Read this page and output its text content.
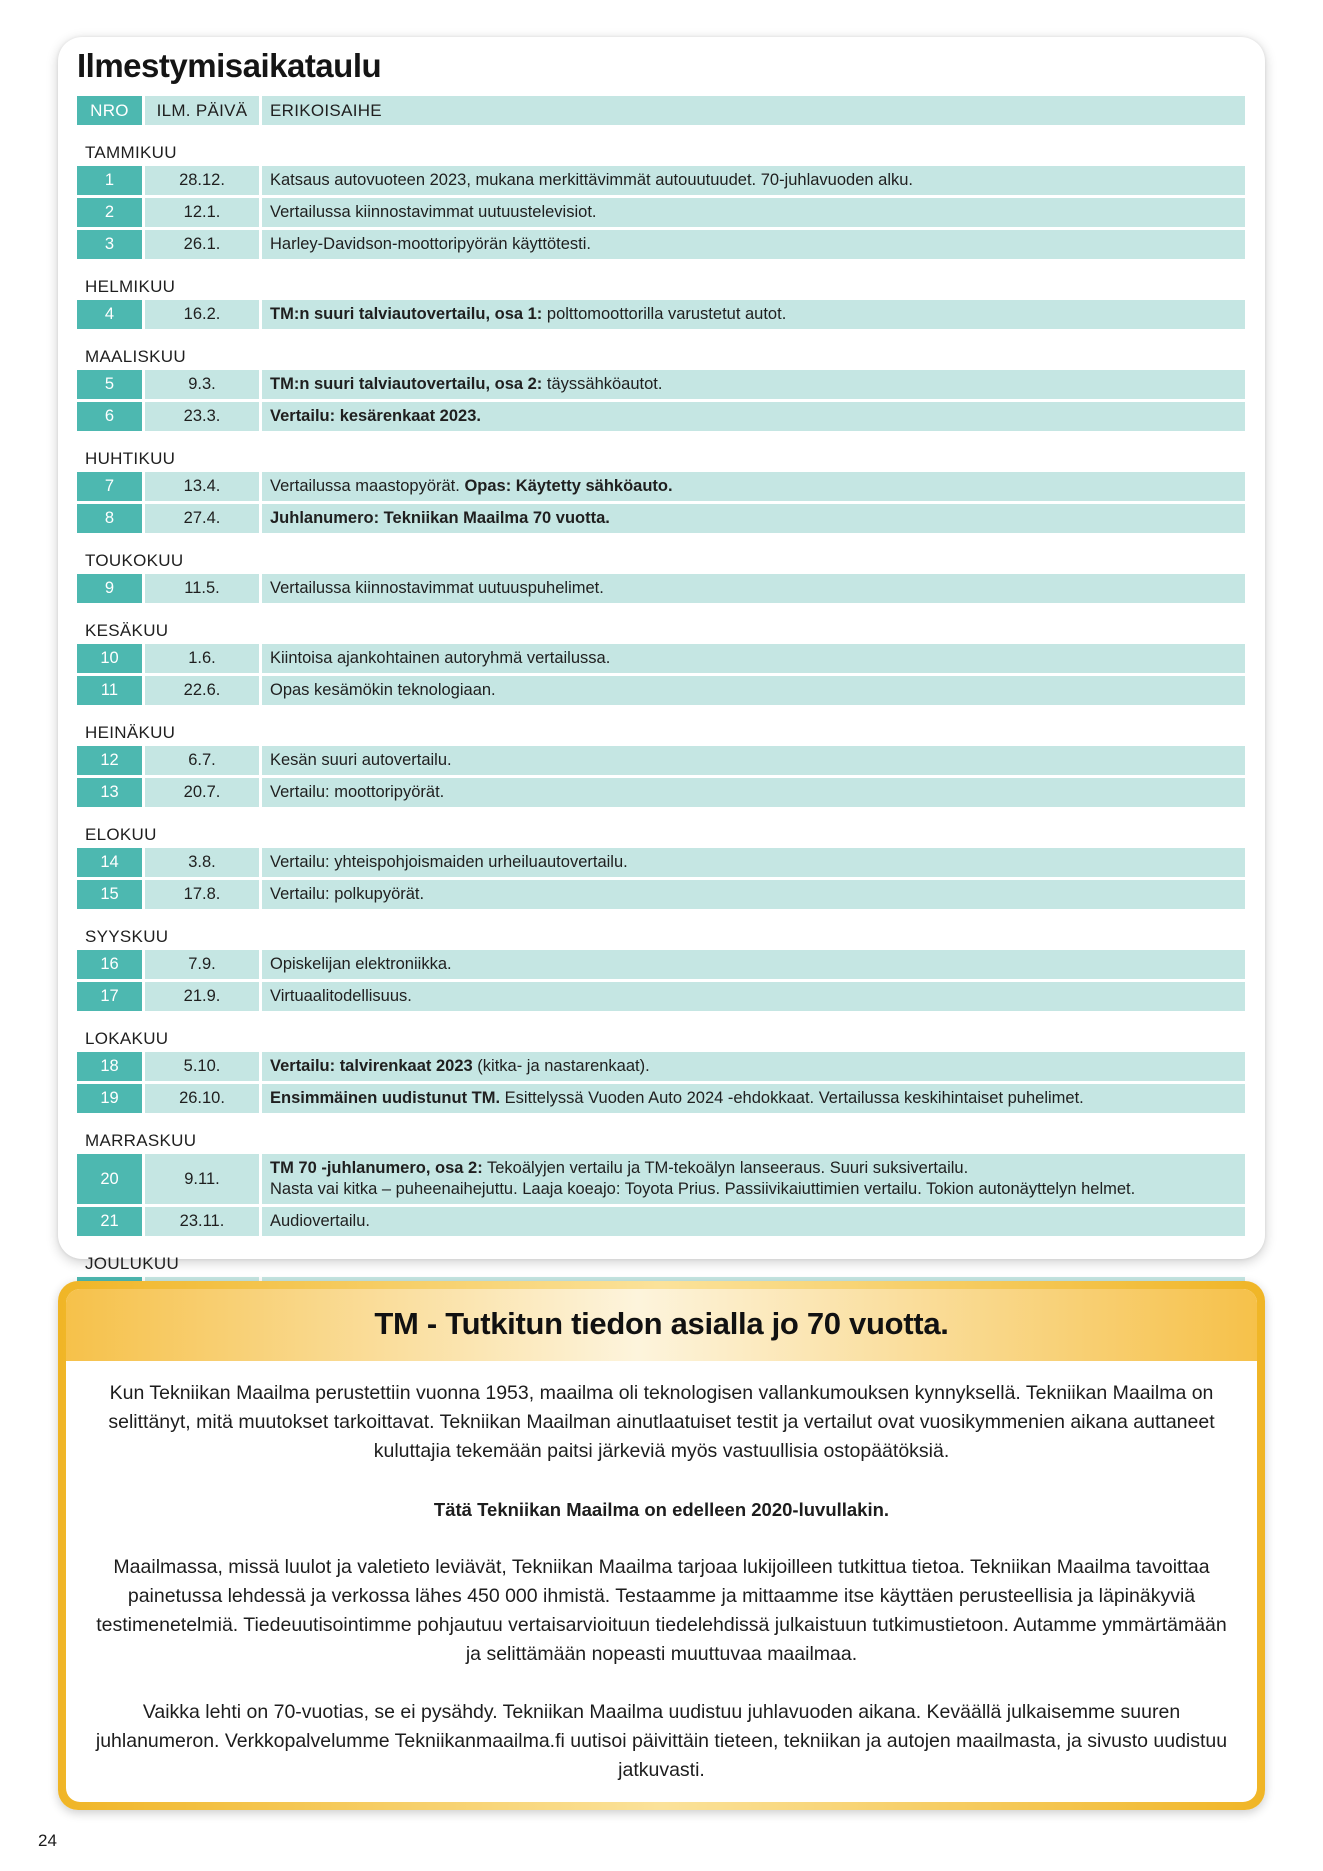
Ilmestymisaikataulu
NRO	ILM. PÄIVÄ	ERIKOISAIHE
TAMMIKUU		
1	28.12.	Katsaus autovuoteen 2023, mukana merkittävimmät autouutuudet. 70-juhlavuoden alku.
2	12.1.	Vertailussa kiinnostavimmat uutuustelevisiot.
3	26.1.	Harley-Davidson-moottoripyörän käyttötesti.
HELMIKUU		
4	16.2.	TM:n suuri talviautovertailu, osa 1: polttomoottorilla varustetut autot.
MAALISKUU		
5	9.3.	TM:n suuri talviautovertailu, osa 2: täyssähköautot.
6	23.3.	Vertailu: kesärenkaat 2023.
HUHTIKUU		
7	13.4.	Vertailussa maastopyörät. Opas: Käytetty sähköauto.
8	27.4.	Juhlanumero: Tekniikan Maailma 70 vuotta.
TOUKOKUU		
9	11.5.	Vertailussa kiinnostavimmat uutuuspuhelimet.
KESÄKUU		
10	1.6.	Kiintoisa ajankohtainen autoryhmä vertailussa.
11	22.6.	Opas kesämökin teknologiaan.
HEINÄKUU		
12	6.7.	Kesän suuri autovertailu.
13	20.7.	Vertailu: moottoripyörät.
ELOKUU		
14	3.8.	Vertailu: yhteispohjoismaiden urheiluautovertailu.
15	17.8.	Vertailu: polkupyörät.
SYYSKUU		
16	7.9.	Opiskelijan elektroniikka.
17	21.9.	Virtuaalitodellisuus.
LOKAKUU		
18	5.10.	Vertailu: talvirenkaat 2023 (kitka- ja nastarenkaat).
19	26.10.	Ensimmäinen uudistunut TM. Esittelyssä Vuoden Auto 2024 -ehdokkaat. Vertailussa keskihintaiset puhelimet.
MARRASKUU		
20	9.11.	TM 70 -juhlanumero, osa 2: Tekoälyjen vertailu ja TM-tekoälyn lanseeraus. Suuri suksivertailu.
Nasta vai kitka – puheenaihejuttu. Laaja koeajo: Toyota Prius. Passiivikaiuttimien vertailu. Tokion autonäyttelyn helmet.
21	23.11.	Audiovertailu.
JOULUKUU		

TM - Tutkitun tiedon asialla jo 70 vuotta.

Kun Tekniikan Maailma perustettiin vuonna 1953, maailma oli teknologisen vallankumouksen kynnyksellä. Tekniikan Maailma on selittänyt, mitä muutokset tarkoittavat. Tekniikan Maailman ainutlaatuiset testit ja vertailut ovat vuosikymmenien aikana auttaneet kuluttajia tekemään paitsi järkeviä myös vastuullisia ostopäätöksiä.

Tätä Tekniikan Maailma on edelleen 2020-luvullakin.

Maailmassa, missä luulot ja valetieto leviävät, Tekniikan Maailma tarjoaa lukijoilleen tutkittua tietoa. Tekniikan Maailma tavoittaa painetussa lehdessä ja verkossa lähes 450 000 ihmistä. Testaamme ja mittaamme itse käyttäen perusteellisia ja läpinäkyviä testimenetelmiä. Tiedeuutisointimme pohjautuu vertaisarvioituun tiedelehdissä julkaistuun tutkimustietoon. Autamme ymmärtämään ja selittämään nopeasti muuttuvaa maailmaa.

Vaikka lehti on 70-vuotias, se ei pysähdy. Tekniikan Maailma uudistuu juhlavuoden aikana. Keväällä julkaisemme suuren juhlanumeron. Verkkopalvelumme Tekniikanmaailma.fi uutisoi päivittäin tieteen, tekniikan ja autojen maailmasta, ja sivusto uudistuu jatkuvasti.

24
